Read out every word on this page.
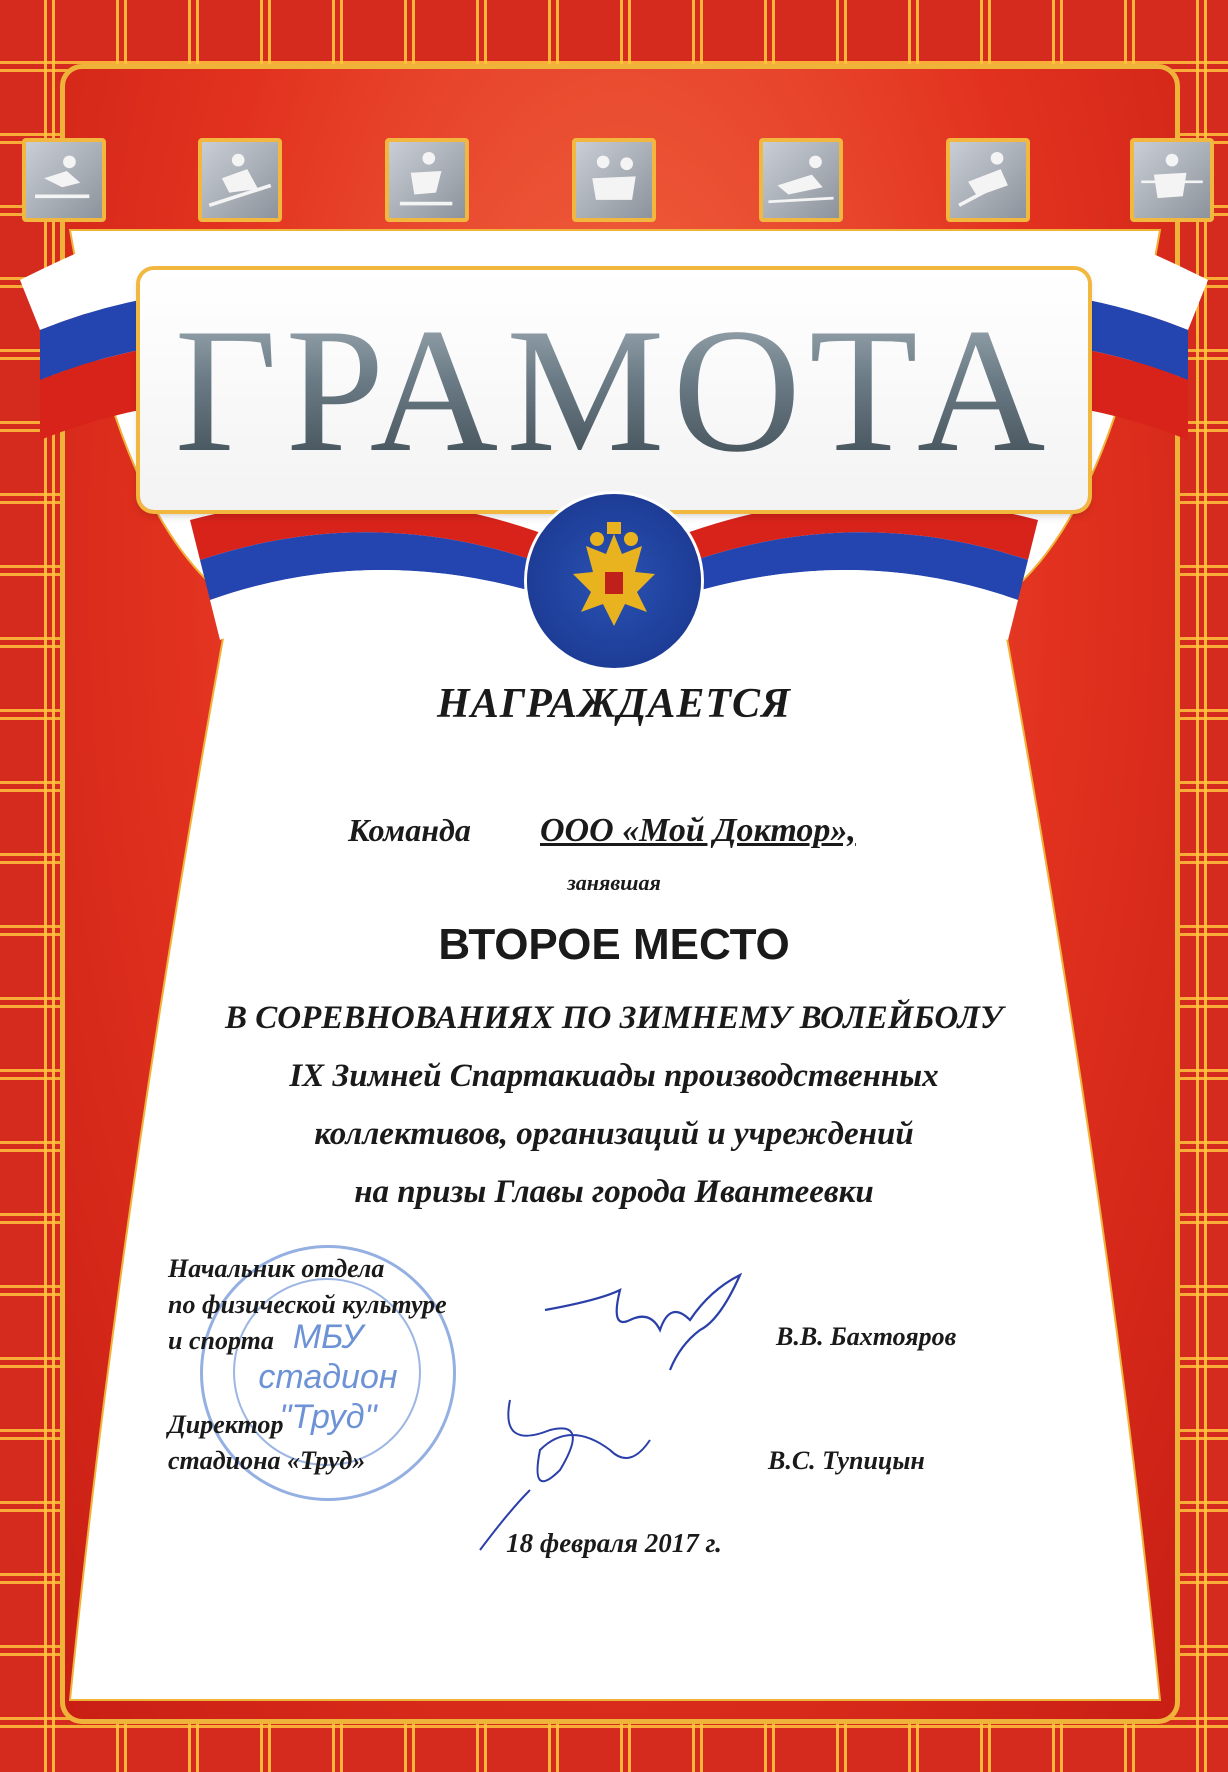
ГРАМОТА
НАГРАЖДАЕТСЯ
Команда ООО «Мой Доктор»,
занявшая
ВТОРОЕ МЕСТО
В СОРЕВНОВАНИЯХ ПО ЗИМНЕМУ ВОЛЕЙБОЛУ
IX Зимней Спартакиады производственных
коллективов, организаций и учреждений
на призы Главы города Ивантеевки
МБУ
стадион
"Труд"
Начальник отдела
по физической культуре
и спорта	В.В. Бахтояров
Директор
стадиона «Труд»	В.С. Тупицын
18 февраля 2017 г.
